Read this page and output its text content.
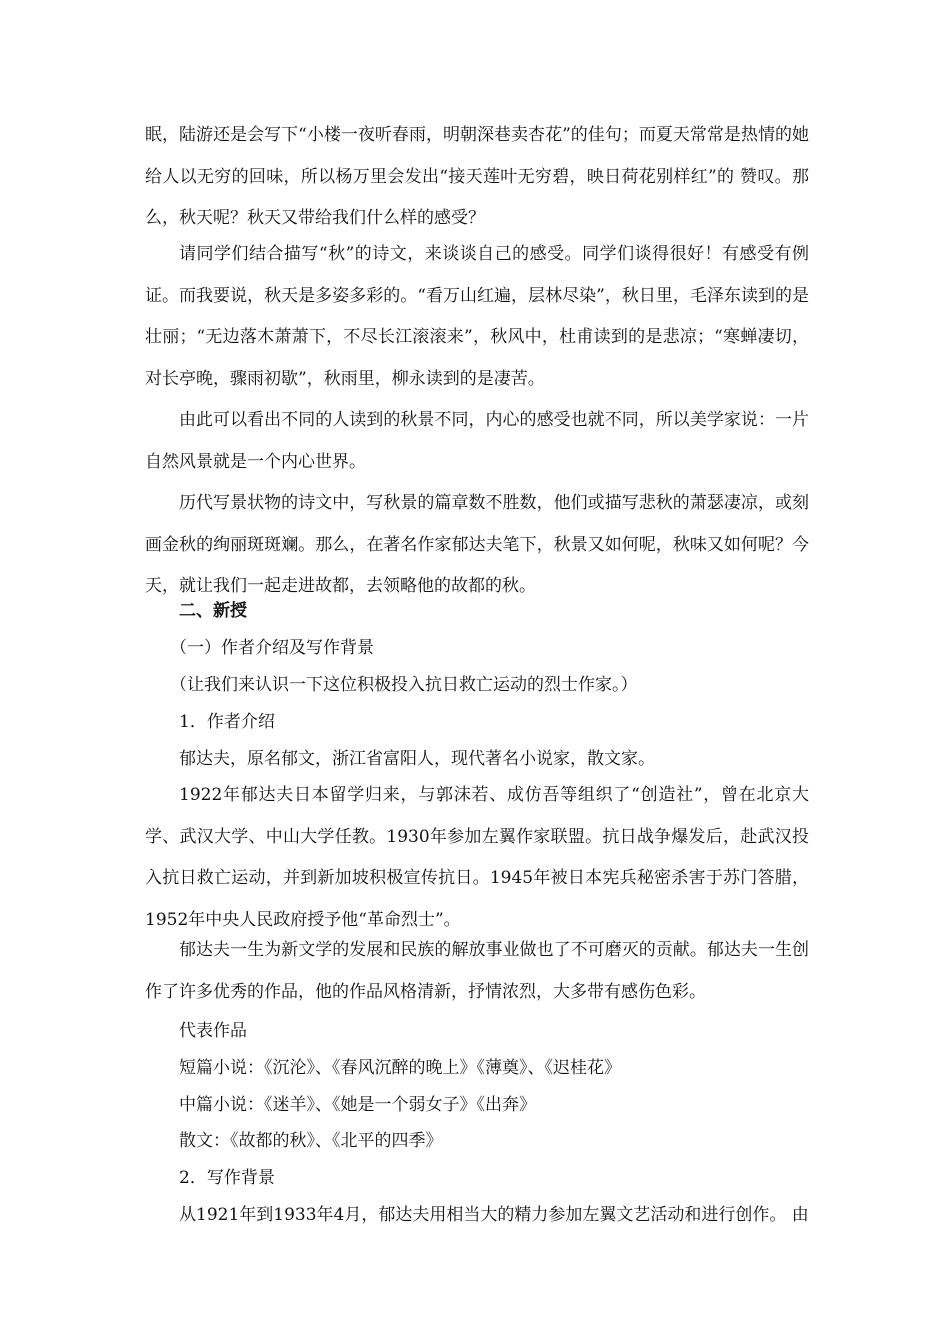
眠，陆游还是会写下“小楼一夜听春雨，明朝深巷卖杏花”的佳句；而夏天常常是热情的她给人以无穷的回味，所以杨万里会发出“接天莲叶无穷碧，映日荷花别样红”的 赞叹。那么，秋天呢？秋天又带给我们什么样的感受？

请同学们结合描写“秋”的诗文，来谈谈自己的感受。同学们谈得很好！有感受有例证。而我要说，秋天是多姿多彩的。“看万山红遍，层林尽染”，秋日里，毛泽东读到的是壮丽；“无边落木萧萧下，不尽长江滚滚来”，秋风中，杜甫读到的是悲凉；“寒蝉凄切，对长亭晚，骤雨初歇”，秋雨里，柳永读到的是凄苦。

由此可以看出不同的人读到的秋景不同，内心的感受也就不同，所以美学家说：一片自然风景就是一个内心世界。

历代写景状物的诗文中，写秋景的篇章数不胜数，他们或描写悲秋的萧瑟凄凉，或刻画金秋的绚丽斑斑斓。那么，在著名作家郁达夫笔下，秋景又如何呢，秋味又如何呢？今天，就让我们一起走进故都，去领略他的故都的秋。

二、新授

（一）作者介绍及写作背景

（让我们来认识一下这位积极投入抗日救亡运动的烈士作家。）

1．作者介绍

郁达夫，原名郁文，浙江省富阳人，现代著名小说家，散文家。

1922年郁达夫日本留学归来，与郭沫若、成仿吾等组织了“创造社”，曾在北京大学、武汉大学、中山大学任教。1930年参加左翼作家联盟。抗日战争爆发后，赴武汉投入抗日救亡运动，并到新加坡积极宣传抗日。1945年被日本宪兵秘密杀害于苏门答腊，1952年中央人民政府授予他“革命烈士”。

郁达夫一生为新文学的发展和民族的解放事业做也了不可磨灭的贡献。郁达夫一生创作了许多优秀的作品，他的作品风格清新，抒情浓烈，大多带有感伤色彩。

代表作品

短篇小说：《沉沦》、《春风沉醉的晚上》《薄奠》、《迟桂花》

中篇小说：《迷羊》、《她是一个弱女子》《出奔》

散文：《故都的秋》、《北平的四季》

2．写作背景

从1921年到1933年4月，郁达夫用相当大的精力参加左翼文艺活动和进行创作。 由
